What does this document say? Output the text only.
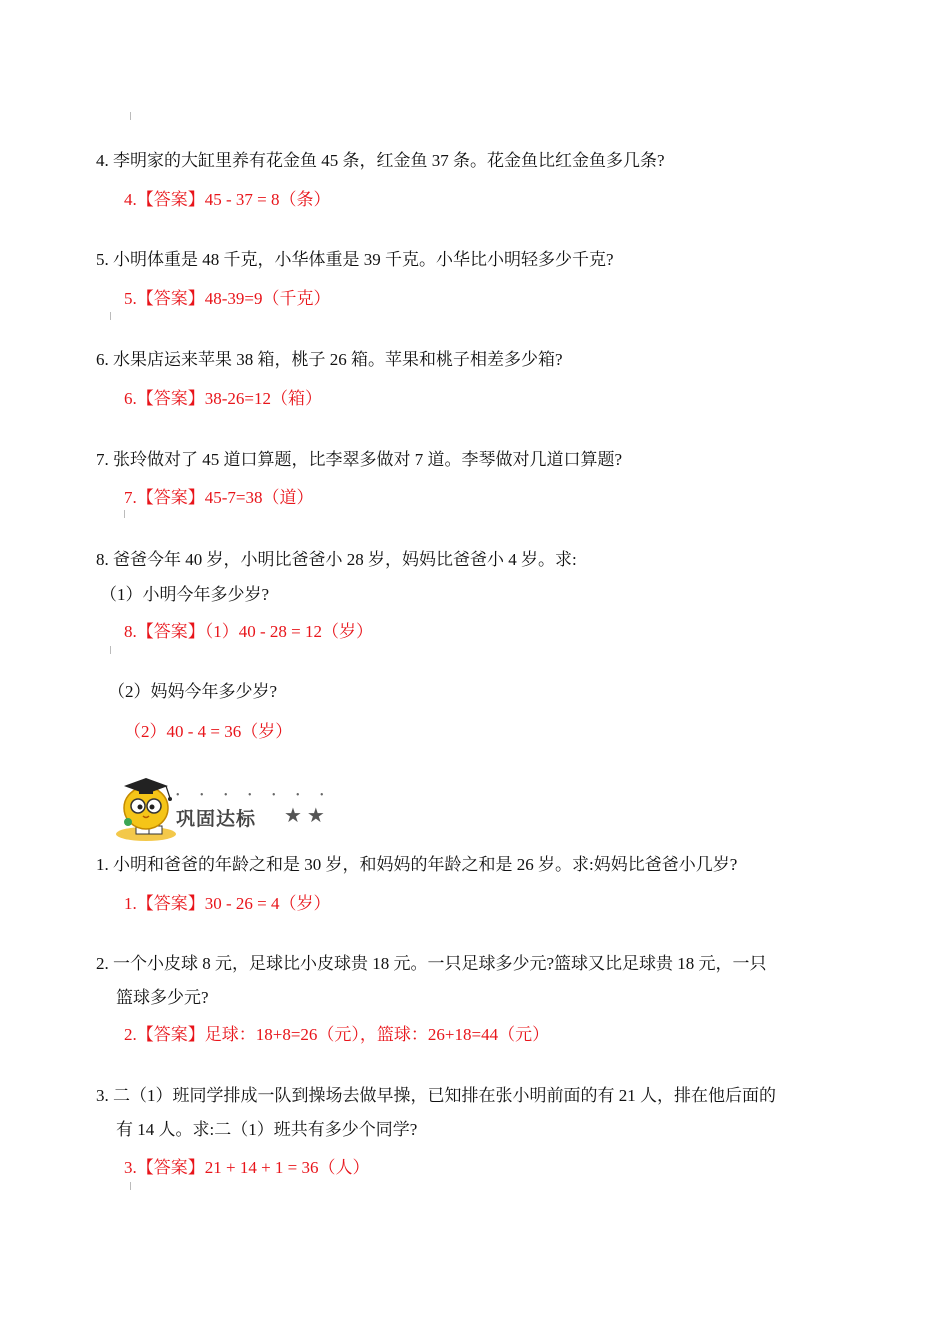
4. 李明家的大缸里养有花金鱼 45 条，红金鱼 37 条。花金鱼比红金鱼多几条?
4.【答案】45 - 37 = 8（条）
5. 小明体重是 48 千克，小华体重是 39 千克。小华比小明轻多少千克?
5.【答案】48-39=9（千克）
6. 水果店运来苹果 38 箱，桃子 26 箱。苹果和桃子相差多少箱?
6.【答案】38-26=12（箱）
7. 张玲做对了 45 道口算题，比李翠多做对 7 道。李琴做对几道口算题?
7.【答案】45-7=38（道）
8. 爸爸今年 40 岁，小明比爸爸小 28 岁，妈妈比爸爸小 4 岁。求:
（1）小明今年多少岁?
8.【答案】（1）40 - 28 = 12（岁）
（2）妈妈今年多少岁?
（2）40 - 4 = 36（岁）
• • • • • • •
巩固达标 ★ ★
1. 小明和爸爸的年龄之和是 30 岁，和妈妈的年龄之和是 26 岁。求:妈妈比爸爸小几岁?
1.【答案】30 - 26 = 4（岁）
2. 一个小皮球 8 元，足球比小皮球贵 18 元。一只足球多少元?篮球又比足球贵 18 元，一只
篮球多少元?
2.【答案】足球：18+8=26（元），篮球：26+18=44（元）
3. 二（1）班同学排成一队到操场去做早操，已知排在张小明前面的有 21 人，排在他后面的
有 14 人。求:二（1）班共有多少个同学?
3.【答案】21 + 14 + 1 = 36（人）
